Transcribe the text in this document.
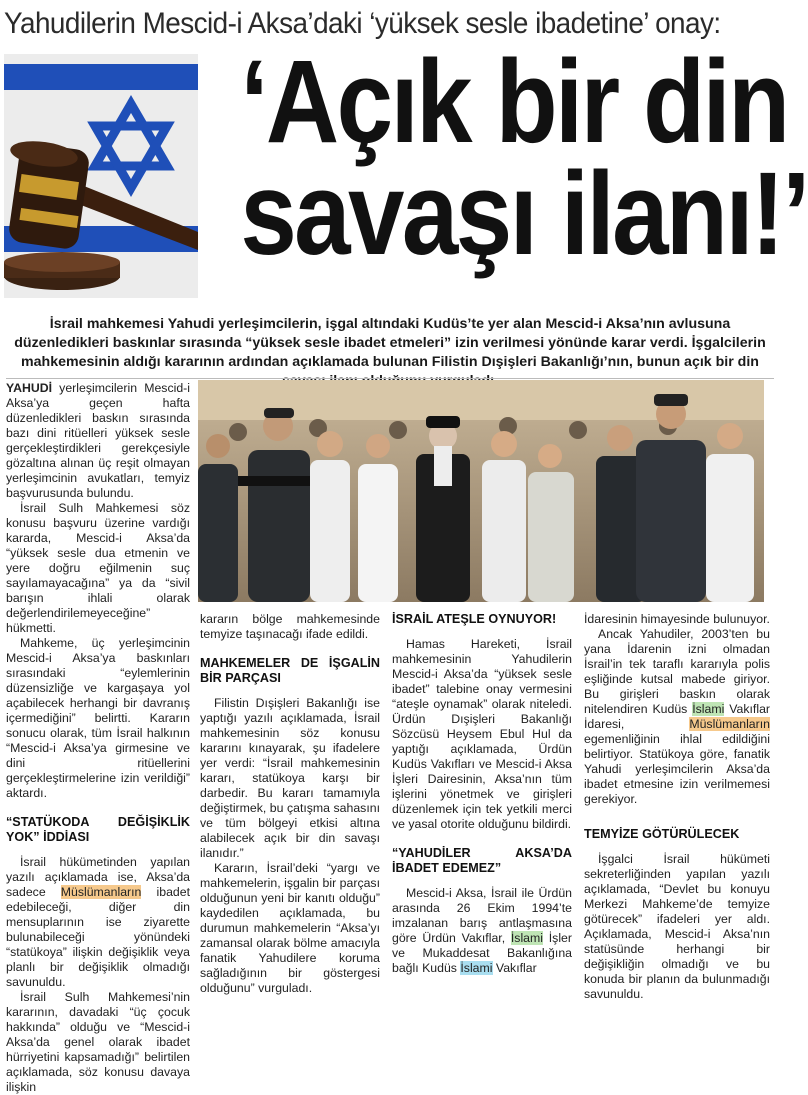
Yahudilerin Mescid-i Aksa’daki ‘yüksek sesle ibadetine’ onay:
‘Açık bir din
savaşı ilanı!’
İsrail mahkemesi Yahudi yerleşimcilerin, işgal altındaki Kudüs’te yer alan Mescid-i Aksa’nın avlusuna düzenledikleri baskınlar sırasında “yüksek sesle ibadet etmeleri” izin verilmesi yönünde karar verdi. İşgalcilerin mahkemesinin aldığı kararının ardından açıklamada bulunan Filistin Dışişleri Bakanlığı’nın, bunun açık bir din

YAHUDİ yerleşimcilerin Mescid-i Aksa’ya geçen hafta düzenledikleri baskın sırasında bazı dini ritüelleri yüksek sesle gerçekleştirdikleri gerekçesiyle gözaltına alınan üç reşit olmayan yerleşimcinin avukatları, temyiz başvurusunda bulundu.

İsrail Sulh Mahkemesi söz konusu başvuru üzerine vardığı kararda, Mescid-i Aksa’da “yüksek sesle dua etmenin ve yere doğru eğilmenin suç sayılamayacağına” ya da “sivil barışın ihlali olarak değerlendirilemeyeceğine” hükmetti.

Mahkeme, üç yerleşimcinin Mescid-i Aksa’ya baskınları sırasındaki “eylemlerinin düzensizliğe ve kargaşaya yol açabilecek herhangi bir davranış içermediğini” belirtti. Kararın sonucu olarak, tüm İsrail halkının “Mescid-i Aksa’ya girmesine ve dini ritüellerini gerçekleştirmelerine izin verildiği” aktardı.

“STATÜKODA DEĞİŞİKLİK YOK” İDDİASI

İsrail hükümetinden yapılan yazılı açıklamada ise, Aksa’da sadece Müslümanların ibadet edebileceği, diğer din mensuplarının ise ziyarette bulunabileceği yönündeki “statükoya” ilişkin değişiklik veya planlı bir değişiklik olmadığı savunuldu.

İsrail Sulh Mahkemesi’nin kararının, davadaki “üç çocuk hakkında” olduğu ve “Mescid-i Aksa’da genel olarak ibadet hürriyetini kapsamadığı” belirtilen açıklamada, söz konusu davaya ilişkin

kararın bölge mahkemesinde temyize taşınacağı ifade edildi.

MAHKEMELER DE İŞGALİN BİR PARÇASI

Filistin Dışişleri Bakanlığı ise yaptığı yazılı açıklamada, İsrail mahkemesinin söz konusu kararını kınayarak, şu ifadelere yer verdi: “İsrail mahkemesinin kararı, statükoya karşı bir darbedir. Bu kararı tamamıyla değiştirmek, bu çatışma sahasını ve tüm bölgeyi etkisi altına alabilecek açık bir din savaşı ilanıdır.”

Kararın, İsrail’deki “yargı ve mahkemelerin, işgalin bir parçası olduğunun yeni bir kanıtı olduğu” kaydedilen açıklamada, bu durumun mahkemelerin “Aksa’yı zamansal olarak bölme amacıyla fanatik Yahudilere koruma sağladığının bir göstergesi olduğunu” vurguladı.

İSRAİL ATEŞLE OYNUYOR!

Hamas Hareketi, İsrail mahkemesinin Yahudilerin Mescid-i Aksa’da “yüksek sesle ibadet” talebine onay vermesini “ateşle oynamak” olarak niteledi. Ürdün Dışişleri Bakanlığı Sözcüsü Heysem Ebul Hul da yaptığı açıklamada, Ürdün Kudüs Vakıfları ve Mescid-i Aksa İşleri Dairesinin, Aksa’nın tüm işlerini yönetmek ve girişleri düzenlemek için tek yetkili merci ve yasal otorite olduğunu bildirdi.

“YAHUDİLER AKSA’DA İBADET EDEMEZ”

Mescid-i Aksa, İsrail ile Ürdün arasında 26 Ekim 1994’te imzalanan barış antlaşmasına göre Ürdün Vakıflar, İslami İşler ve Mukaddesat Bakanlığına bağlı Kudüs İslami Vakıflar

İdaresinin himayesinde bulunuyor.

Ancak Yahudiler, 2003’ten bu yana İdarenin izni olmadan İsrail’in tek taraflı kararıyla polis eşliğinde kutsal mabede giriyor. Bu girişleri baskın olarak nitelendiren Kudüs İslami Vakıflar İdaresi, Müslümanların egemenliğinin ihlal edildiğini belirtiyor. Statükoya göre, fanatik Yahudi yerleşimcilerin Aksa’da ibadet etmesine izin verilmemesi gerekiyor.

TEMYİZE GÖTÜRÜLECEK

İşgalci İsrail hükümeti sekreterliğinden yapılan yazılı açıklamada, “Devlet bu konuyu Merkezi Mahkeme’de temyize götürecek” ifadeleri yer aldı. Açıklamada, Mescid-i Aksa’nın statüsünde herhangi bir değişikliğin olmadığı ve bu konuda bir planın da bulunmadığı savunuldu.
